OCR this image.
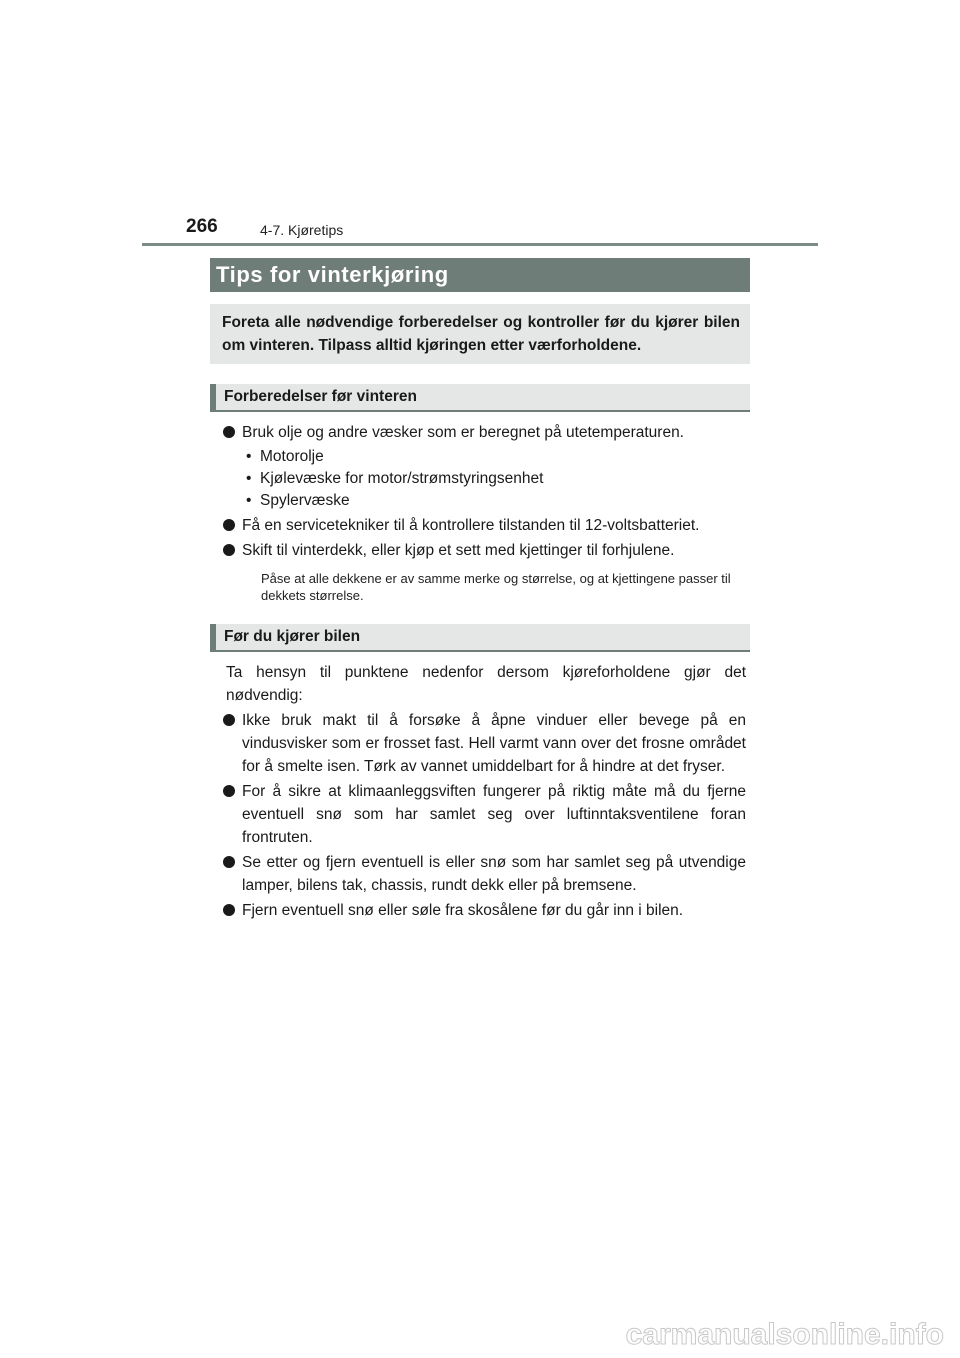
266	4-7. Kjøretips
Tips for vinterkjøring
Foreta alle nødvendige forberedelser og kontroller før du kjører bilen om vinteren. Tilpass alltid kjøringen etter værforholdene.
Forberedelser før vinteren
Bruk olje og andre væsker som er beregnet på utetemperaturen.
• Motorolje
• Kjølevæske for motor/strømstyringsenhet
• Spylervæske
Få en servicetekniker til å kontrollere tilstanden til 12-voltsbatteriet.
Skift til vinterdekk, eller kjøp et sett med kjettinger til forhjulene.
Påse at alle dekkene er av samme merke og størrelse, og at kjettingene passer til dekkets størrelse.
Før du kjører bilen
Ta hensyn til punktene nedenfor dersom kjøreforholdene gjør det nødvendig:
Ikke bruk makt til å forsøke å åpne vinduer eller bevege på en vindusvisker som er frosset fast. Hell varmt vann over det frosne området for å smelte isen. Tørk av vannet umiddelbart for å hindre at det fryser.
For å sikre at klimaanleggsviften fungerer på riktig måte må du fjerne eventuell snø som har samlet seg over luftinntaksventilene foran frontruten.
Se etter og fjern eventuell is eller snø som har samlet seg på utvendige lamper, bilens tak, chassis, rundt dekk eller på bremsene.
Fjern eventuell snø eller søle fra skosålene før du går inn i bilen.
carmanualsonline.info
